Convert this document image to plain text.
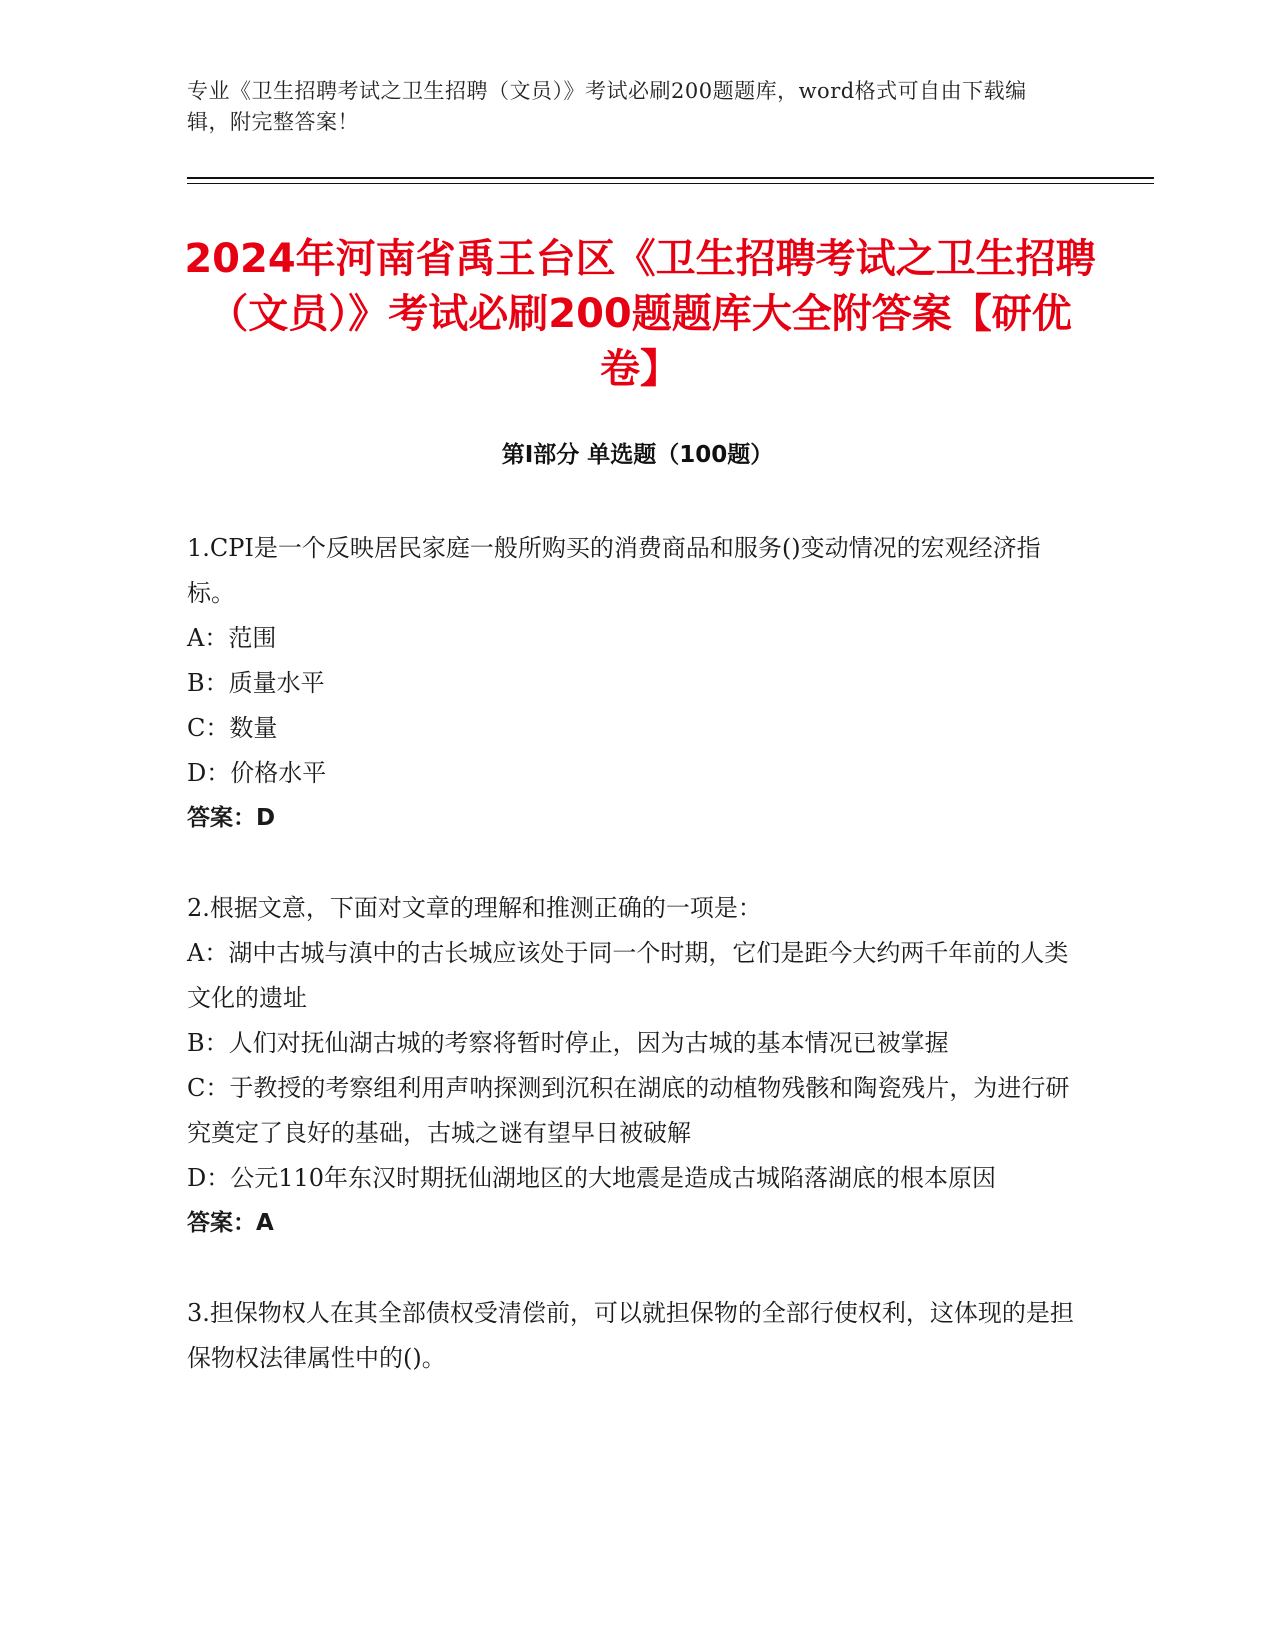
专业《卫生招聘考试之卫生招聘（文员）》考试必刷200题题库，word格式可自由下载编辑，附完整答案！
2024年河南省禹王台区《卫生招聘考试之卫生招聘（文员）》考试必刷200题题库大全附答案【研优卷】
第Ⅰ部分 单选题（100题）

1.CPI是一个反映居民家庭一般所购买的消费商品和服务()变动情况的宏观经济指标。

A：范围

B：质量水平

C：数量

D：价格水平

答案：D

2.根据文意，下面对文章的理解和推测正确的一项是：

A：湖中古城与滇中的古长城应该处于同一个时期，它们是距今大约两千年前的人类文化的遗址

B：人们对抚仙湖古城的考察将暂时停止，因为古城的基本情况已被掌握

C：于教授的考察组利用声呐探测到沉积在湖底的动植物残骸和陶瓷残片，为进行研究奠定了良好的基础，古城之谜有望早日被破解

D：公元110年东汉时期抚仙湖地区的大地震是造成古城陷落湖底的根本原因

答案：A

3.担保物权人在其全部债权受清偿前，可以就担保物的全部行使权利，这体现的是担保物权法律属性中的()。
